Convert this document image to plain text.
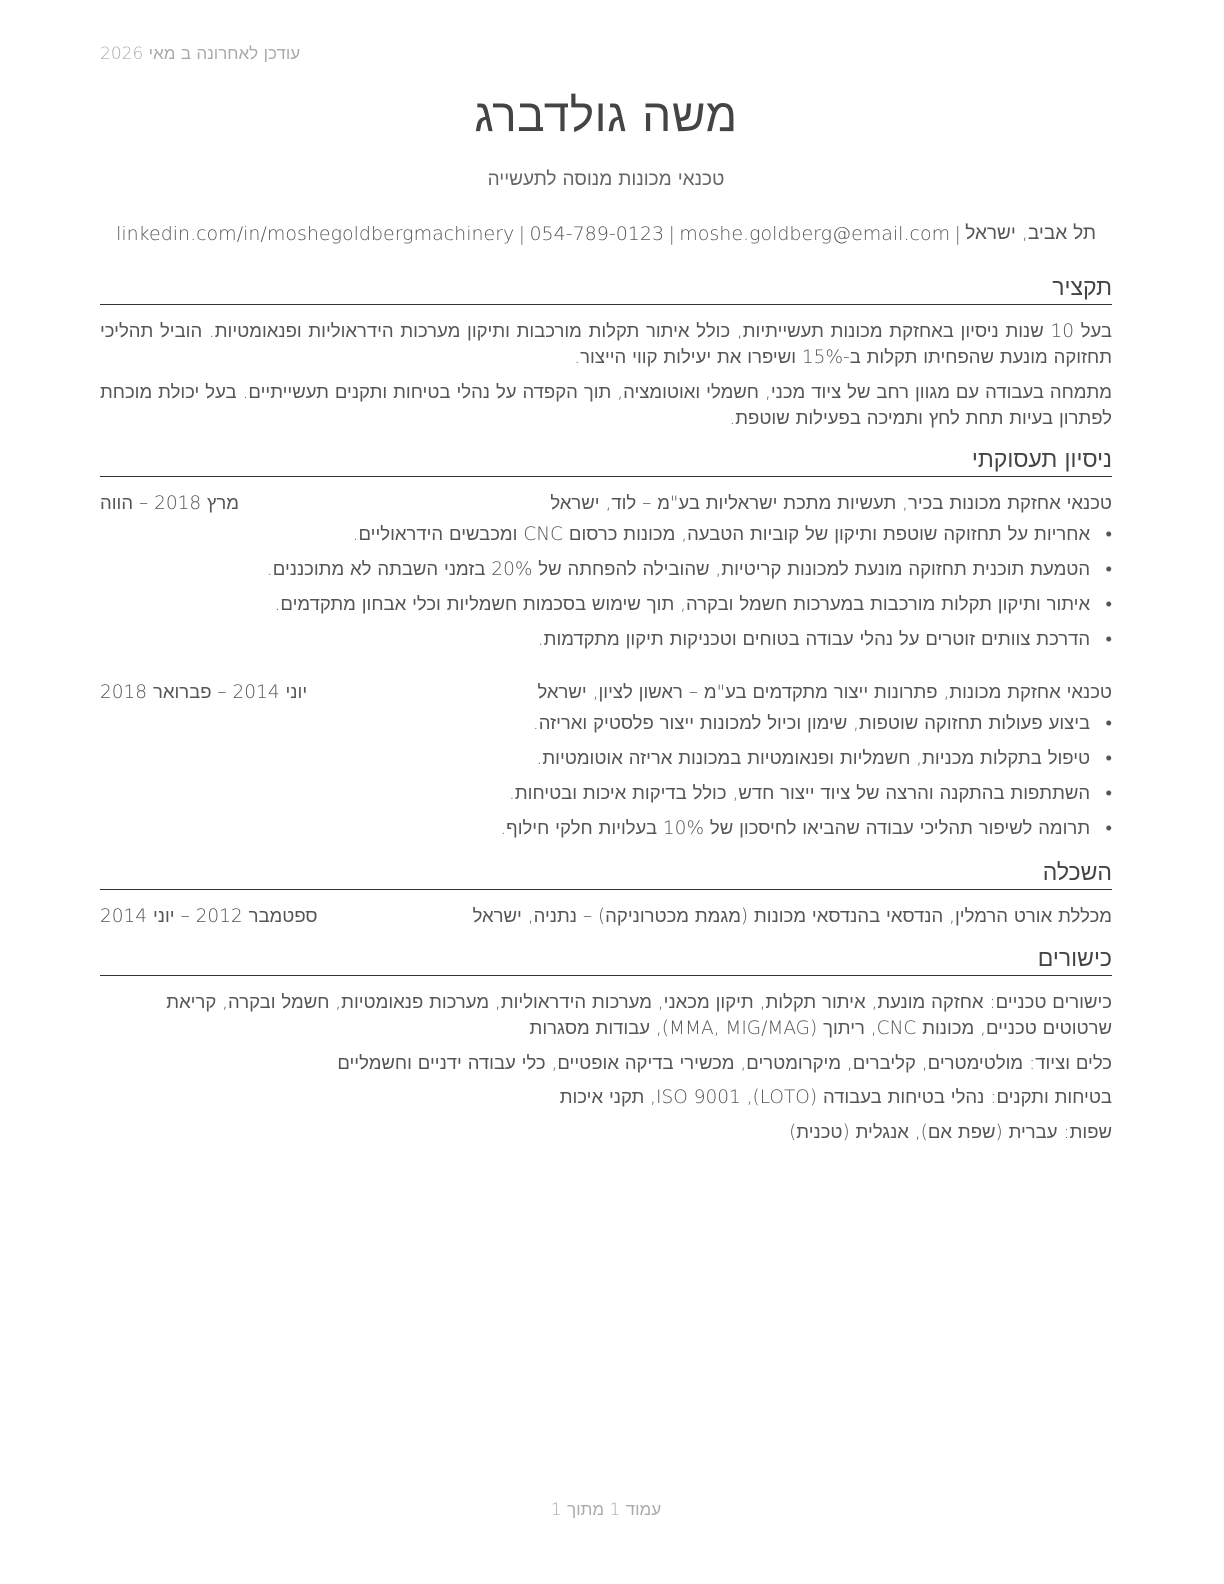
עודכן לאחרונה ב מאי 2026
משה גולדברג
טכנאי מכונות מנוסה לתעשייה
תל אביב, ישראל
|
moshe.goldberg@email.com
|
054-789-0123
|
linkedin.com/in/moshegoldbergmachinery
תקציר
בעל 10 שנות ניסיון באחזקת מכונות תעשייתיות, כולל איתור תקלות מורכבות ותיקון מערכות הידראוליות ופנאומטיות. הוביל תהליכי תחזוקה מונעת שהפחיתו תקלות ב-15% ושיפרו את יעילות קווי הייצור.
מתמחה בעבודה עם מגוון רחב של ציוד מכני, חשמלי ואוטומציה, תוך הקפדה על נהלי בטיחות ותקנים תעשייתיים. בעל יכולת מוכחת לפתרון בעיות תחת לחץ ותמיכה בפעילות שוטפת.
ניסיון תעסוקתי
טכנאי אחזקת מכונות בכיר, תעשיות מתכת ישראליות בע"מ – לוד, ישראל
מרץ 2018 – הווה
• אחריות על תחזוקה שוטפת ותיקון של קוביות הטבעה, מכונות כרסום CNC ומכבשים הידראוליים.
• הטמעת תוכנית תחזוקה מונעת למכונות קריטיות, שהובילה להפחתה של 20% בזמני השבתה לא מתוכננים.
• איתור ותיקון תקלות מורכבות במערכות חשמל ובקרה, תוך שימוש בסכמות חשמליות וכלי אבחון מתקדמים.
• הדרכת צוותים זוטרים על נהלי עבודה בטוחים וטכניקות תיקון מתקדמות.
טכנאי אחזקת מכונות, פתרונות ייצור מתקדמים בע"מ – ראשון לציון, ישראל
יוני 2014 – פברואר 2018
• ביצוע פעולות תחזוקה שוטפות, שימון וכיול למכונות ייצור פלסטיק ואריזה.
• טיפול בתקלות מכניות, חשמליות ופנאומטיות במכונות אריזה אוטומטיות.
• השתתפות בהתקנה והרצה של ציוד ייצור חדש, כולל בדיקות איכות ובטיחות.
• תרומה לשיפור תהליכי עבודה שהביאו לחיסכון של 10% בעלויות חלקי חילוף.
השכלה
מכללת אורט הרמלין, הנדסאי בהנדסאי מכונות (מגמת מכטרוניקה) – נתניה, ישראל
ספטמבר 2012 – יוני 2014
כישורים
כישורים טכניים: אחזקה מונעת, איתור תקלות, תיקון מכאני, מערכות הידראוליות, מערכות פנאומטיות, חשמל ובקרה, קריאת שרטוטים טכניים, מכונות CNC, ריתוך (MMA, MIG/MAG), עבודות מסגרות
כלים וציוד: מולטימטרים, קליברים, מיקרומטרים, מכשירי בדיקה אופטיים, כלי עבודה ידניים וחשמליים
בטיחות ותקנים: נהלי בטיחות בעבודה (LOTO), ISO 9001, תקני איכות
שפות: עברית (שפת אם), אנגלית (טכנית)
עמוד 1 מתוך 1
